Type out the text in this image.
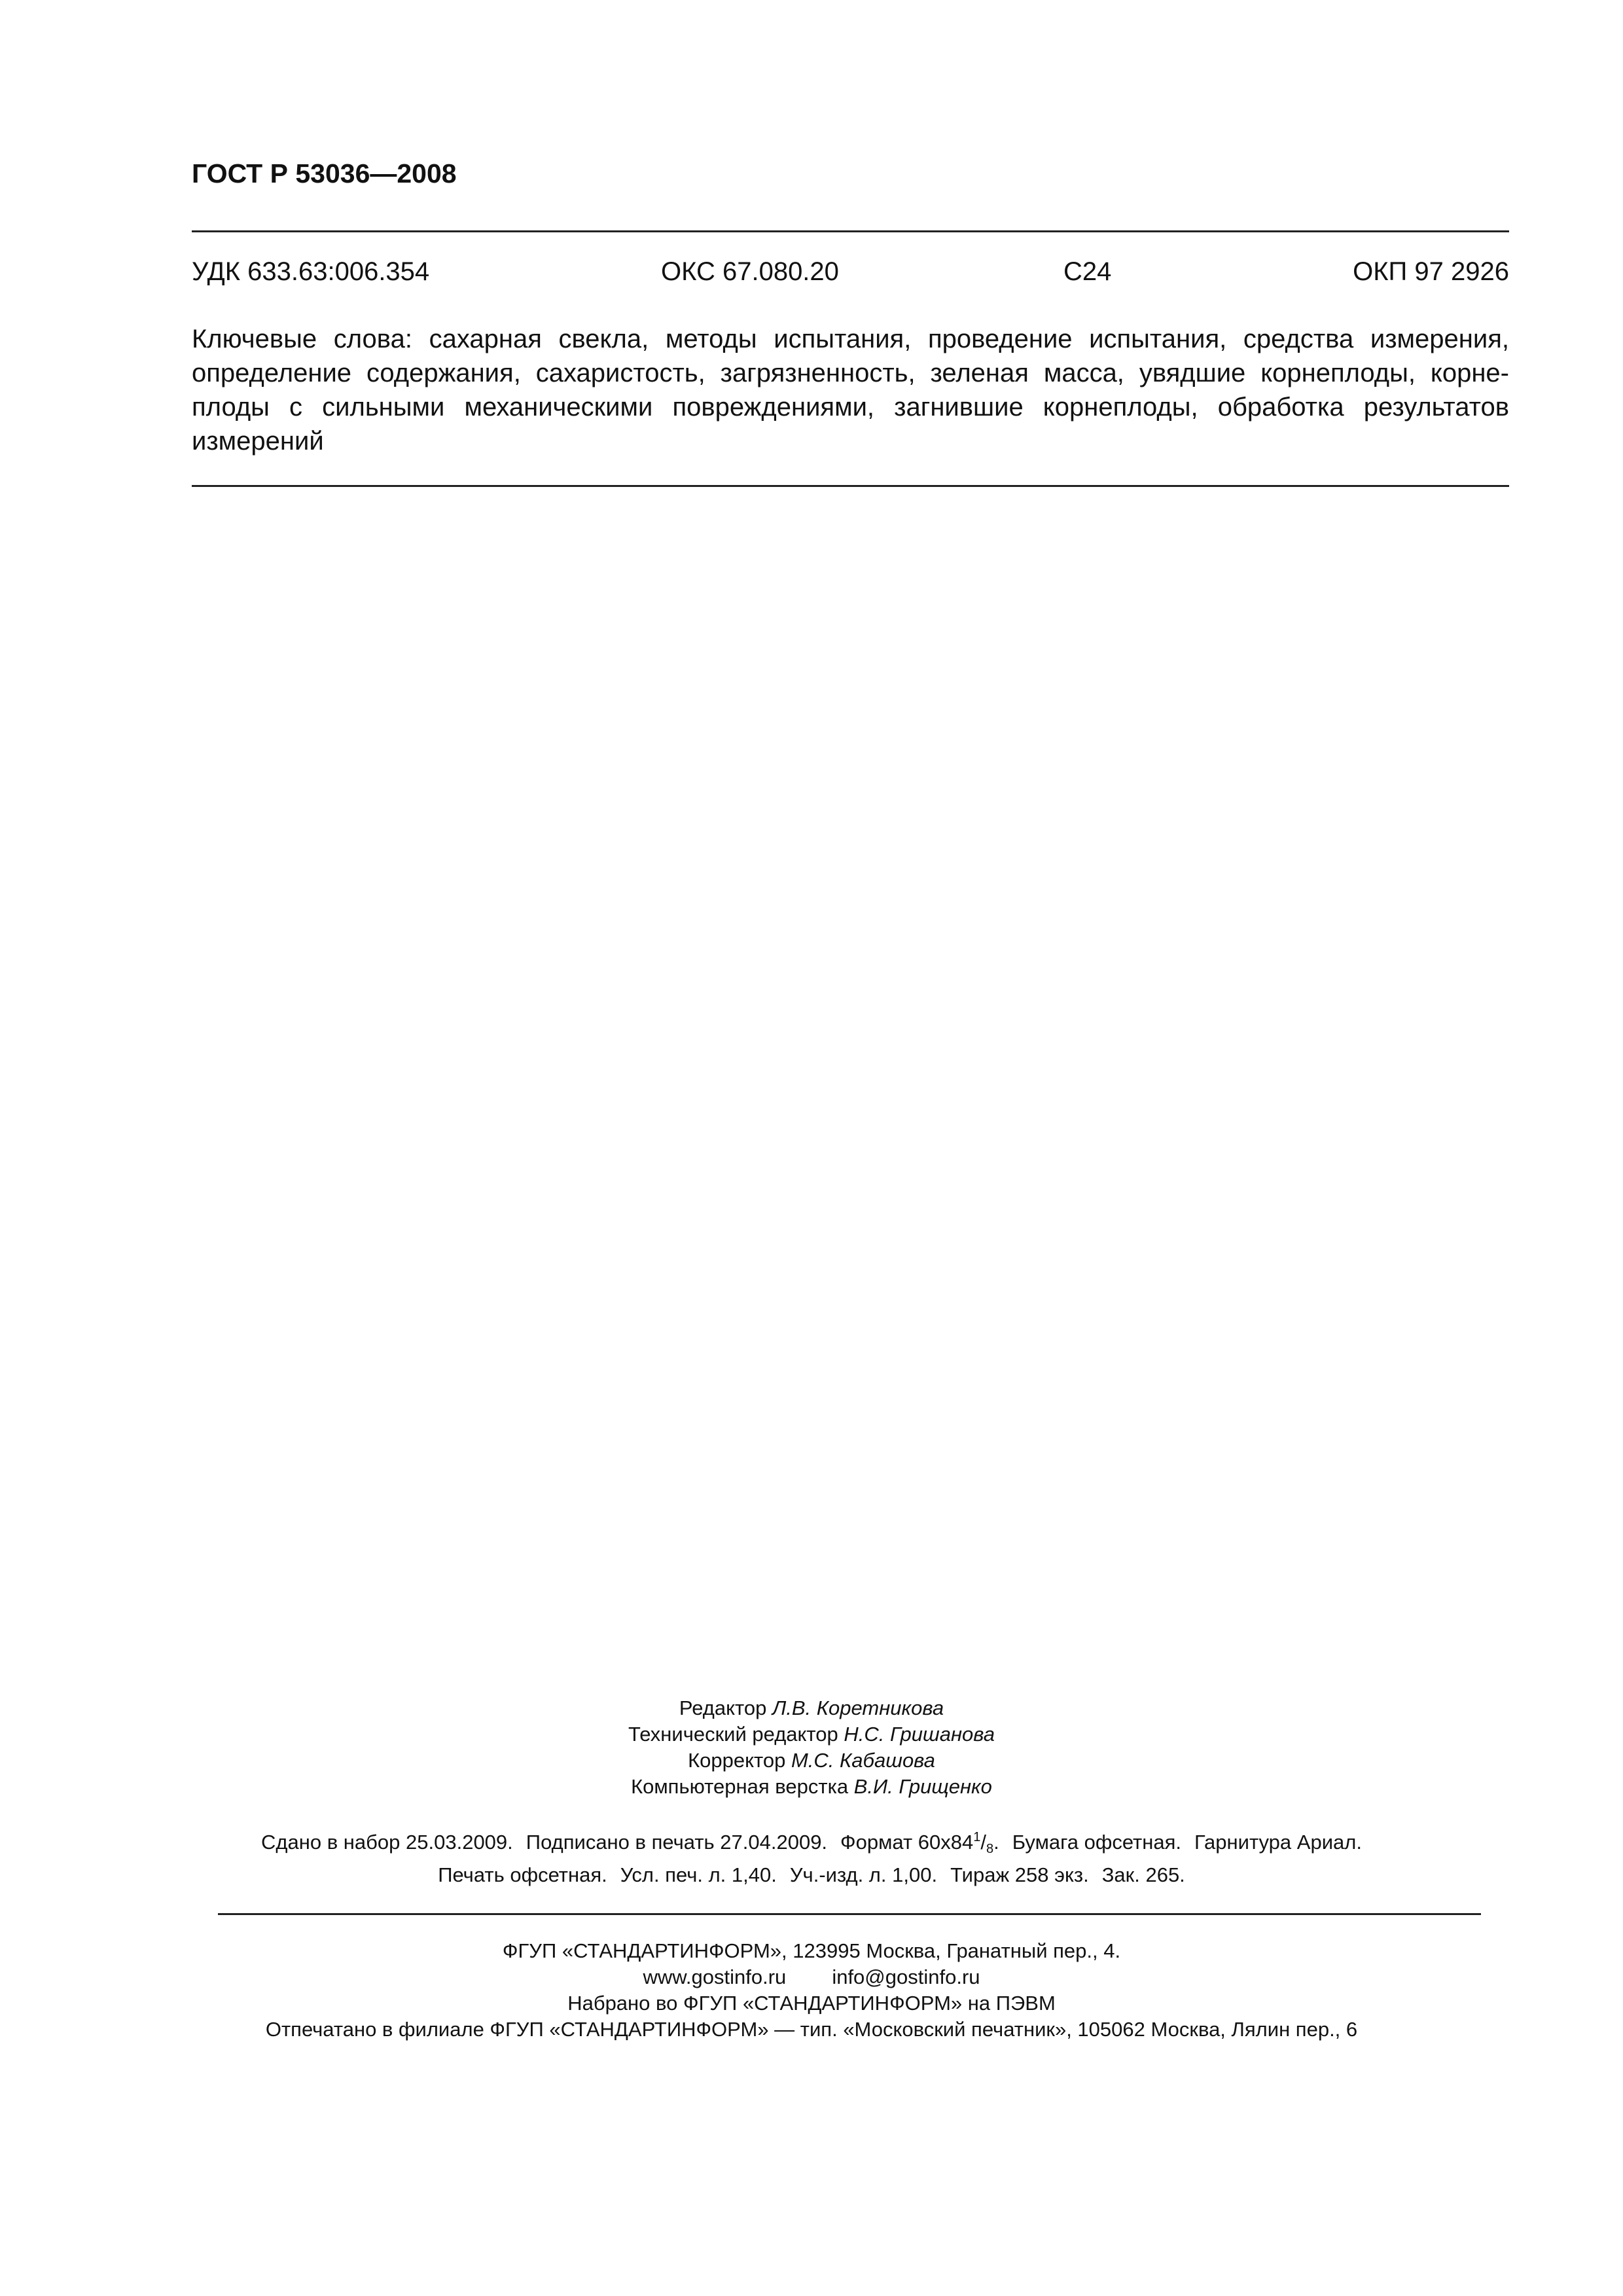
ГОСТ Р 53036—2008
УДК 633.63:006.354	ОКС 67.080.20	С24	ОКП 97 2926
Ключевые слова: сахарная свекла, методы испытания, проведение испытания, средства измерения, определение содержания, сахаристость, загрязненность, зеленая масса, увядшие корнеплоды, корне-плоды с сильными механическими повреждениями, загнившие корнеплоды, обработка результатов измерений
Редактор Л.В. Коретникова
Технический редактор Н.С. Гришанова
Корректор М.С. Кабашова
Компьютерная верстка В.И. Грищенко
Сдано в набор 25.03.2009. Подписано в печать 27.04.2009. Формат $60x84^1/_8$. Бумага офсетная. Гарнитура Ариал.
Печать офсетная. Усл. печ. л. 1,40. Уч.-изд. л. 1,00. Тираж 258 экз. Зак. 265.
ФГУП «СТАНДАРТИНФОРМ», 123995 Москва, Гранатный пер., 4.
www.gostinfo.ru info@gostinfo.ru
Набрано во ФГУП «СТАНДАРТИНФОРМ» на ПЭВМ
Отпечатано в филиале ФГУП «СТАНДАРТИНФОРМ» — тип. «Московский печатник», 105062 Москва, Лялин пер., 6
